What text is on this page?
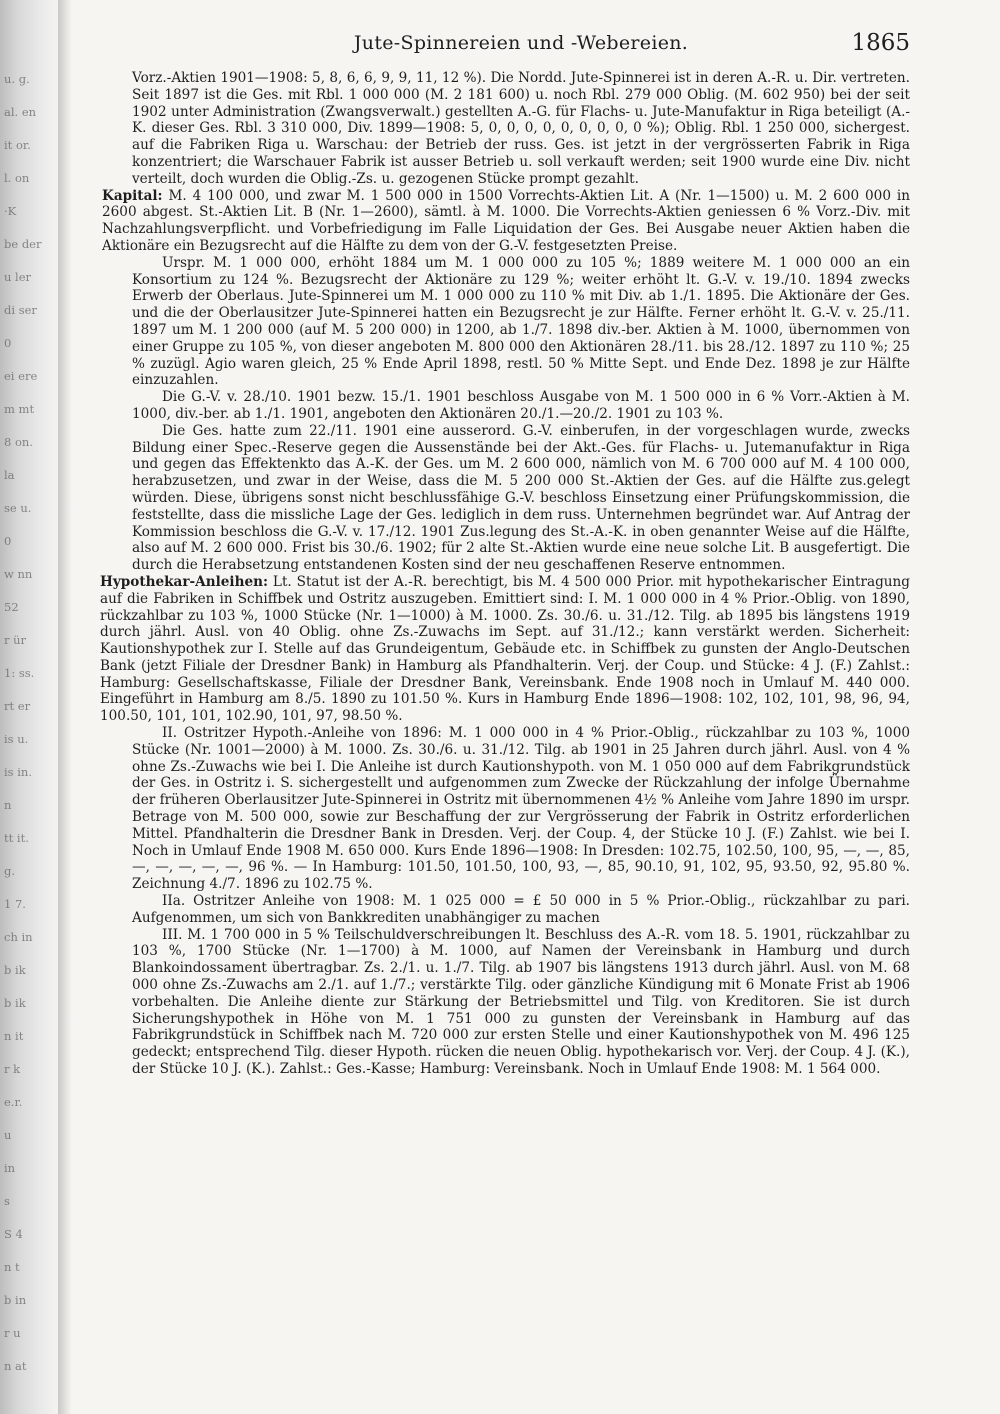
u. g.
al. en
it or.
l. on
·K
be der
u ler
di ser
0
ei ere
m mt
8 on.
la
se u.
0
w nn
52
r ür
1: ss.
rt er
is u.
is in.
n
tt it.
g.
1 7.
ch in
b ik
b ik
n it
r k
e.r.
u
in
s
S 4
n t
b in
r u
n at
Jute-Spinnereien und -Webereien.	1865

Vorz.-Aktien 1901—1908: 5, 8, 6, 6, 9, 9, 11, 12 %). Die Nordd. Jute-Spinnerei ist in deren A.-R. u. Dir. vertreten. Seit 1897 ist die Ges. mit Rbl. 1 000 000 (M. 2 181 600) u. noch Rbl. 279 000 Oblig. (M. 602 950) bei der seit 1902 unter Administration (Zwangsverwalt.) gestellten A.-G. für Flachs- u. Jute-Manufaktur in Riga beteiligt (A.-K. dieser Ges. Rbl. 3 310 000, Div. 1899—1908: 5, 0, 0, 0, 0, 0, 0, 0, 0, 0 %); Oblig. Rbl. 1 250 000, sichergest. auf die Fabriken Riga u. Warschau: der Betrieb der russ. Ges. ist jetzt in der vergrösserten Fabrik in Riga konzentriert; die Warschauer Fabrik ist ausser Betrieb u. soll verkauft werden; seit 1900 wurde eine Div. nicht verteilt, doch wurden die Oblig.-Zs. u. gezogenen Stücke prompt gezahlt.

Kapital: M. 4 100 000, und zwar M. 1 500 000 in 1500 Vorrechts-Aktien Lit. A (Nr. 1—1500) u. M. 2 600 000 in 2600 abgest. St.-Aktien Lit. B (Nr. 1—2600), sämtl. à M. 1000. Die Vorrechts-Aktien geniessen 6 % Vorz.-Div. mit Nachzahlungsverpflicht. und Vorbefriedigung im Falle Liquidation der Ges. Bei Ausgabe neuer Aktien haben die Aktionäre ein Bezugsrecht auf die Hälfte zu dem von der G.-V. festgesetzten Preise.

Urspr. M. 1 000 000, erhöht 1884 um M. 1 000 000 zu 105 %; 1889 weitere M. 1 000 000 an ein Konsortium zu 124 %. Bezugsrecht der Aktionäre zu 129 %; weiter erhöht lt. G.-V. v. 19./10. 1894 zwecks Erwerb der Oberlaus. Jute-Spinnerei um M. 1 000 000 zu 110 % mit Div. ab 1./1. 1895. Die Aktionäre der Ges. und die der Oberlausitzer Jute-Spinnerei hatten ein Bezugsrecht je zur Hälfte. Ferner erhöht lt. G.-V. v. 25./11. 1897 um M. 1 200 000 (auf M. 5 200 000) in 1200, ab 1./7. 1898 div.-ber. Aktien à M. 1000, übernommen von einer Gruppe zu 105 %, von dieser angeboten M. 800 000 den Aktionären 28./11. bis 28./12. 1897 zu 110 %; 25 % zuzügl. Agio waren gleich, 25 % Ende April 1898, restl. 50 % Mitte Sept. und Ende Dez. 1898 je zur Hälfte einzuzahlen.

Die G.-V. v. 28./10. 1901 bezw. 15./1. 1901 beschloss Ausgabe von M. 1 500 000 in 6 % Vorr.-Aktien à M. 1000, div.-ber. ab 1./1. 1901, angeboten den Aktionären 20./1.—20./2. 1901 zu 103 %.

Die Ges. hatte zum 22./11. 1901 eine ausserord. G.-V. einberufen, in der vorgeschlagen wurde, zwecks Bildung einer Spec.-Reserve gegen die Aussenstände bei der Akt.-Ges. für Flachs- u. Jutemanufaktur in Riga und gegen das Effektenkto das A.-K. der Ges. um M. 2 600 000, nämlich von M. 6 700 000 auf M. 4 100 000, herabzusetzen, und zwar in der Weise, dass die M. 5 200 000 St.-Aktien der Ges. auf die Hälfte zus.gelegt würden. Diese, übrigens sonst nicht beschlussfähige G.-V. beschloss Einsetzung einer Prüfungskommission, die feststellte, dass die missliche Lage der Ges. lediglich in dem russ. Unternehmen begründet war. Auf Antrag der Kommission beschloss die G.-V. v. 17./12. 1901 Zus.legung des St.-A.-K. in oben genannter Weise auf die Hälfte, also auf M. 2 600 000. Frist bis 30./6. 1902; für 2 alte St.-Aktien wurde eine neue solche Lit. B ausgefertigt. Die durch die Herabsetzung entstandenen Kosten sind der neu geschaffenen Reserve entnommen.

Hypothekar-Anleihen: Lt. Statut ist der A.-R. berechtigt, bis M. 4 500 000 Prior. mit hypothekarischer Eintragung auf die Fabriken in Schiffbek und Ostritz auszugeben. Emittiert sind: I. M. 1 000 000 in 4 % Prior.-Oblig. von 1890, rückzahlbar zu 103 %, 1000 Stücke (Nr. 1—1000) à M. 1000. Zs. 30./6. u. 31./12. Tilg. ab 1895 bis längstens 1919 durch jährl. Ausl. von 40 Oblig. ohne Zs.-Zuwachs im Sept. auf 31./12.; kann verstärkt werden. Sicherheit: Kautionshypothek zur I. Stelle auf das Grundeigentum, Gebäude etc. in Schiffbek zu gunsten der Anglo-Deutschen Bank (jetzt Filiale der Dresdner Bank) in Hamburg als Pfandhalterin. Verj. der Coup. und Stücke: 4 J. (F.) Zahlst.: Hamburg: Gesellschaftskasse, Filiale der Dresdner Bank, Vereinsbank. Ende 1908 noch in Umlauf M. 440 000. Eingeführt in Hamburg am 8./5. 1890 zu 101.50 %. Kurs in Hamburg Ende 1896—1908: 102, 102, 101, 98, 96, 94, 100.50, 101, 101, 102.90, 101, 97, 98.50 %.

II. Ostritzer Hypoth.-Anleihe von 1896: M. 1 000 000 in 4 % Prior.-Oblig., rückzahlbar zu 103 %, 1000 Stücke (Nr. 1001—2000) à M. 1000. Zs. 30./6. u. 31./12. Tilg. ab 1901 in 25 Jahren durch jährl. Ausl. von 4 % ohne Zs.-Zuwachs wie bei I. Die Anleihe ist durch Kautionshypoth. von M. 1 050 000 auf dem Fabrikgrundstück der Ges. in Ostritz i. S. sichergestellt und aufgenommen zum Zwecke der Rückzahlung der infolge Übernahme der früheren Oberlausitzer Jute-Spinnerei in Ostritz mit übernommenen 4½ % Anleihe vom Jahre 1890 im urspr. Betrage von M. 500 000, sowie zur Beschaffung der zur Vergrösserung der Fabrik in Ostritz erforderlichen Mittel. Pfandhalterin die Dresdner Bank in Dresden. Verj. der Coup. 4, der Stücke 10 J. (F.) Zahlst. wie bei I. Noch in Umlauf Ende 1908 M. 650 000. Kurs Ende 1896—1908: In Dresden: 102.75, 102.50, 100, 95, —, —, 85, —, —, —, —, —, 96 %. — In Hamburg: 101.50, 101.50, 100, 93, —, 85, 90.10, 91, 102, 95, 93.50, 92, 95.80 %. Zeichnung 4./7. 1896 zu 102.75 %.

IIa. Ostritzer Anleihe von 1908: M. 1 025 000 = £ 50 000 in 5 % Prior.-Oblig., rückzahlbar zu pari. Aufgenommen, um sich von Bankkrediten unabhängiger zu machen

III. M. 1 700 000 in 5 % Teilschuldverschreibungen lt. Beschluss des A.-R. vom 18. 5. 1901, rückzahlbar zu 103 %, 1700 Stücke (Nr. 1—1700) à M. 1000, auf Namen der Vereinsbank in Hamburg und durch Blankoindossament übertragbar. Zs. 2./1. u. 1./7. Tilg. ab 1907 bis längstens 1913 durch jährl. Ausl. von M. 68 000 ohne Zs.-Zuwachs am 2./1. auf 1./7.; verstärkte Tilg. oder gänzliche Kündigung mit 6 Monate Frist ab 1906 vorbehalten. Die Anleihe diente zur Stärkung der Betriebsmittel und Tilg. von Kreditoren. Sie ist durch Sicherungshypothek in Höhe von M. 1 751 000 zu gunsten der Vereinsbank in Hamburg auf das Fabrikgrundstück in Schiffbek nach M. 720 000 zur ersten Stelle und einer Kautionshypothek von M. 496 125 gedeckt; entsprechend Tilg. dieser Hypoth. rücken die neuen Oblig. hypothekarisch vor. Verj. der Coup. 4 J. (K.), der Stücke 10 J. (K.). Zahlst.: Ges.-Kasse; Hamburg: Vereinsbank. Noch in Umlauf Ende 1908: M. 1 564 000.
